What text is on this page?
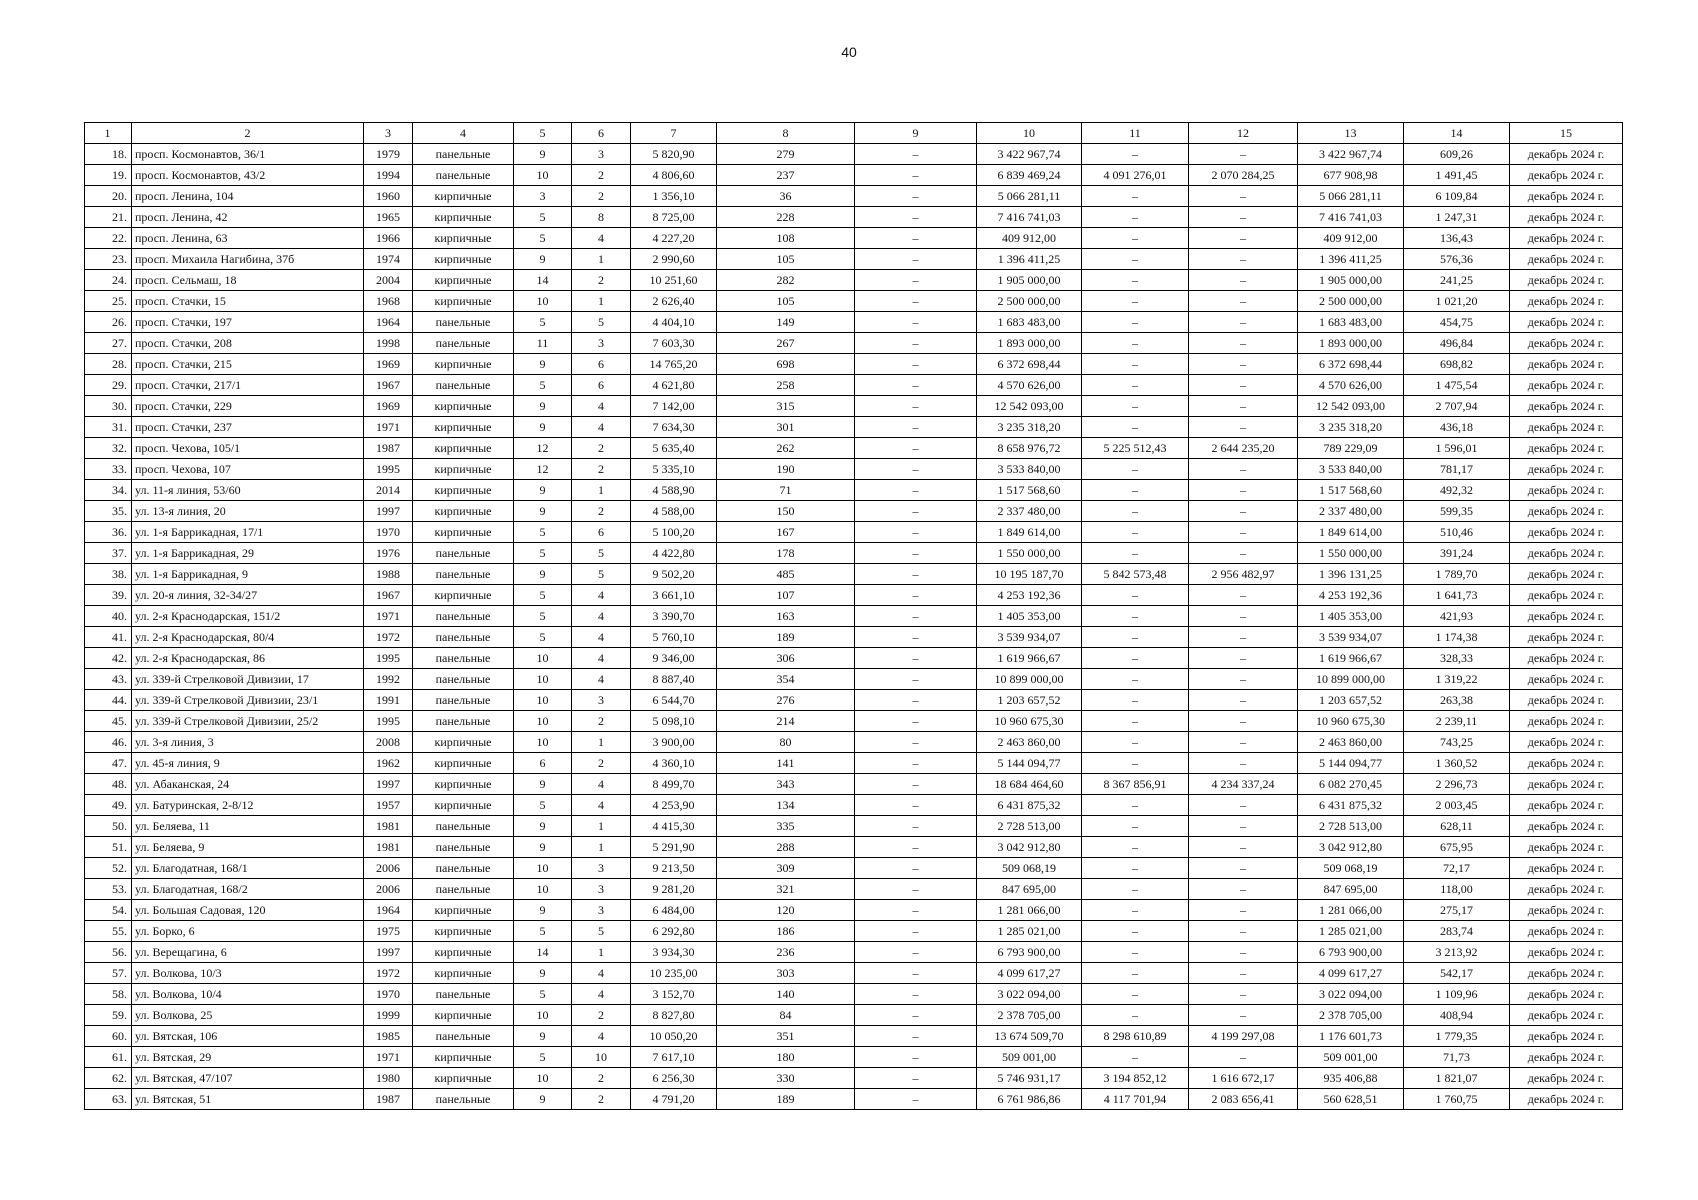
40
1	2	3	4	5	6	7	8	9	10	11	12	13	14	15
18.	просп. Космонавтов, 36/1	1979	панельные	9	3	5 820,90	279	–	3 422 967,74	–	–	3 422 967,74	609,26	декабрь 2024 г.
19.	просп. Космонавтов, 43/2	1994	панельные	10	2	4 806,60	237	–	6 839 469,24	4 091 276,01	2 070 284,25	677 908,98	1 491,45	декабрь 2024 г.
20.	просп. Ленина, 104	1960	кирпичные	3	2	1 356,10	36	–	5 066 281,11	–	–	5 066 281,11	6 109,84	декабрь 2024 г.
21.	просп. Ленина, 42	1965	кирпичные	5	8	8 725,00	228	–	7 416 741,03	–	–	7 416 741,03	1 247,31	декабрь 2024 г.
22.	просп. Ленина, 63	1966	кирпичные	5	4	4 227,20	108	–	409 912,00	–	–	409 912,00	136,43	декабрь 2024 г.
23.	просп. Михаила Нагибина, 37б	1974	кирпичные	9	1	2 990,60	105	–	1 396 411,25	–	–	1 396 411,25	576,36	декабрь 2024 г.
24.	просп. Сельмаш, 18	2004	кирпичные	14	2	10 251,60	282	–	1 905 000,00	–	–	1 905 000,00	241,25	декабрь 2024 г.
25.	просп. Стачки, 15	1968	кирпичные	10	1	2 626,40	105	–	2 500 000,00	–	–	2 500 000,00	1 021,20	декабрь 2024 г.
26.	просп. Стачки, 197	1964	панельные	5	5	4 404,10	149	–	1 683 483,00	–	–	1 683 483,00	454,75	декабрь 2024 г.
27.	просп. Стачки, 208	1998	панельные	11	3	7 603,30	267	–	1 893 000,00	–	–	1 893 000,00	496,84	декабрь 2024 г.
28.	просп. Стачки, 215	1969	кирпичные	9	6	14 765,20	698	–	6 372 698,44	–	–	6 372 698,44	698,82	декабрь 2024 г.
29.	просп. Стачки, 217/1	1967	панельные	5	6	4 621,80	258	–	4 570 626,00	–	–	4 570 626,00	1 475,54	декабрь 2024 г.
30.	просп. Стачки, 229	1969	кирпичные	9	4	7 142,00	315	–	12 542 093,00	–	–	12 542 093,00	2 707,94	декабрь 2024 г.
31.	просп. Стачки, 237	1971	кирпичные	9	4	7 634,30	301	–	3 235 318,20	–	–	3 235 318,20	436,18	декабрь 2024 г.
32.	просп. Чехова, 105/1	1987	кирпичные	12	2	5 635,40	262	–	8 658 976,72	5 225 512,43	2 644 235,20	789 229,09	1 596,01	декабрь 2024 г.
33.	просп. Чехова, 107	1995	кирпичные	12	2	5 335,10	190	–	3 533 840,00	–	–	3 533 840,00	781,17	декабрь 2024 г.
34.	ул. 11-я линия, 53/60	2014	кирпичные	9	1	4 588,90	71	–	1 517 568,60	–	–	1 517 568,60	492,32	декабрь 2024 г.
35.	ул. 13-я линия, 20	1997	кирпичные	9	2	4 588,00	150	–	2 337 480,00	–	–	2 337 480,00	599,35	декабрь 2024 г.
36.	ул. 1-я Баррикадная, 17/1	1970	кирпичные	5	6	5 100,20	167	–	1 849 614,00	–	–	1 849 614,00	510,46	декабрь 2024 г.
37.	ул. 1-я Баррикадная, 29	1976	панельные	5	5	4 422,80	178	–	1 550 000,00	–	–	1 550 000,00	391,24	декабрь 2024 г.
38.	ул. 1-я Баррикадная, 9	1988	панельные	9	5	9 502,20	485	–	10 195 187,70	5 842 573,48	2 956 482,97	1 396 131,25	1 789,70	декабрь 2024 г.
39.	ул. 20-я линия, 32-34/27	1967	кирпичные	5	4	3 661,10	107	–	4 253 192,36	–	–	4 253 192,36	1 641,73	декабрь 2024 г.
40.	ул. 2-я Краснодарская, 151/2	1971	панельные	5	4	3 390,70	163	–	1 405 353,00	–	–	1 405 353,00	421,93	декабрь 2024 г.
41.	ул. 2-я Краснодарская, 80/4	1972	панельные	5	4	5 760,10	189	–	3 539 934,07	–	–	3 539 934,07	1 174,38	декабрь 2024 г.
42.	ул. 2-я Краснодарская, 86	1995	панельные	10	4	9 346,00	306	–	1 619 966,67	–	–	1 619 966,67	328,33	декабрь 2024 г.
43.	ул. 339-й Стрелковой Дивизии, 17	1992	панельные	10	4	8 887,40	354	–	10 899 000,00	–	–	10 899 000,00	1 319,22	декабрь 2024 г.
44.	ул. 339-й Стрелковой Дивизии, 23/1	1991	панельные	10	3	6 544,70	276	–	1 203 657,52	–	–	1 203 657,52	263,38	декабрь 2024 г.
45.	ул. 339-й Стрелковой Дивизии, 25/2	1995	панельные	10	2	5 098,10	214	–	10 960 675,30	–	–	10 960 675,30	2 239,11	декабрь 2024 г.
46.	ул. 3-я линия, 3	2008	кирпичные	10	1	3 900,00	80	–	2 463 860,00	–	–	2 463 860,00	743,25	декабрь 2024 г.
47.	ул. 45-я линия, 9	1962	кирпичные	6	2	4 360,10	141	–	5 144 094,77	–	–	5 144 094,77	1 360,52	декабрь 2024 г.
48.	ул. Абаканская, 24	1997	кирпичные	9	4	8 499,70	343	–	18 684 464,60	8 367 856,91	4 234 337,24	6 082 270,45	2 296,73	декабрь 2024 г.
49.	ул. Батуринская, 2-8/12	1957	кирпичные	5	4	4 253,90	134	–	6 431 875,32	–	–	6 431 875,32	2 003,45	декабрь 2024 г.
50.	ул. Беляева, 11	1981	панельные	9	1	4 415,30	335	–	2 728 513,00	–	–	2 728 513,00	628,11	декабрь 2024 г.
51.	ул. Беляева, 9	1981	панельные	9	1	5 291,90	288	–	3 042 912,80	–	–	3 042 912,80	675,95	декабрь 2024 г.
52.	ул. Благодатная, 168/1	2006	панельные	10	3	9 213,50	309	–	509 068,19	–	–	509 068,19	72,17	декабрь 2024 г.
53.	ул. Благодатная, 168/2	2006	панельные	10	3	9 281,20	321	–	847 695,00	–	–	847 695,00	118,00	декабрь 2024 г.
54.	ул. Большая Садовая, 120	1964	кирпичные	9	3	6 484,00	120	–	1 281 066,00	–	–	1 281 066,00	275,17	декабрь 2024 г.
55.	ул. Борко, 6	1975	кирпичные	5	5	6 292,80	186	–	1 285 021,00	–	–	1 285 021,00	283,74	декабрь 2024 г.
56.	ул. Верещагина, 6	1997	кирпичные	14	1	3 934,30	236	–	6 793 900,00	–	–	6 793 900,00	3 213,92	декабрь 2024 г.
57.	ул. Волкова, 10/3	1972	кирпичные	9	4	10 235,00	303	–	4 099 617,27	–	–	4 099 617,27	542,17	декабрь 2024 г.
58.	ул. Волкова, 10/4	1970	панельные	5	4	3 152,70	140	–	3 022 094,00	–	–	3 022 094,00	1 109,96	декабрь 2024 г.
59.	ул. Волкова, 25	1999	кирпичные	10	2	8 827,80	84	–	2 378 705,00	–	–	2 378 705,00	408,94	декабрь 2024 г.
60.	ул. Вятская, 106	1985	панельные	9	4	10 050,20	351	–	13 674 509,70	8 298 610,89	4 199 297,08	1 176 601,73	1 779,35	декабрь 2024 г.
61.	ул. Вятская, 29	1971	кирпичные	5	10	7 617,10	180	–	509 001,00	–	–	509 001,00	71,73	декабрь 2024 г.
62.	ул. Вятская, 47/107	1980	кирпичные	10	2	6 256,30	330	–	5 746 931,17	3 194 852,12	1 616 672,17	935 406,88	1 821,07	декабрь 2024 г.
63.	ул. Вятская, 51	1987	панельные	9	2	4 791,20	189	–	6 761 986,86	4 117 701,94	2 083 656,41	560 628,51	1 760,75	декабрь 2024 г.
